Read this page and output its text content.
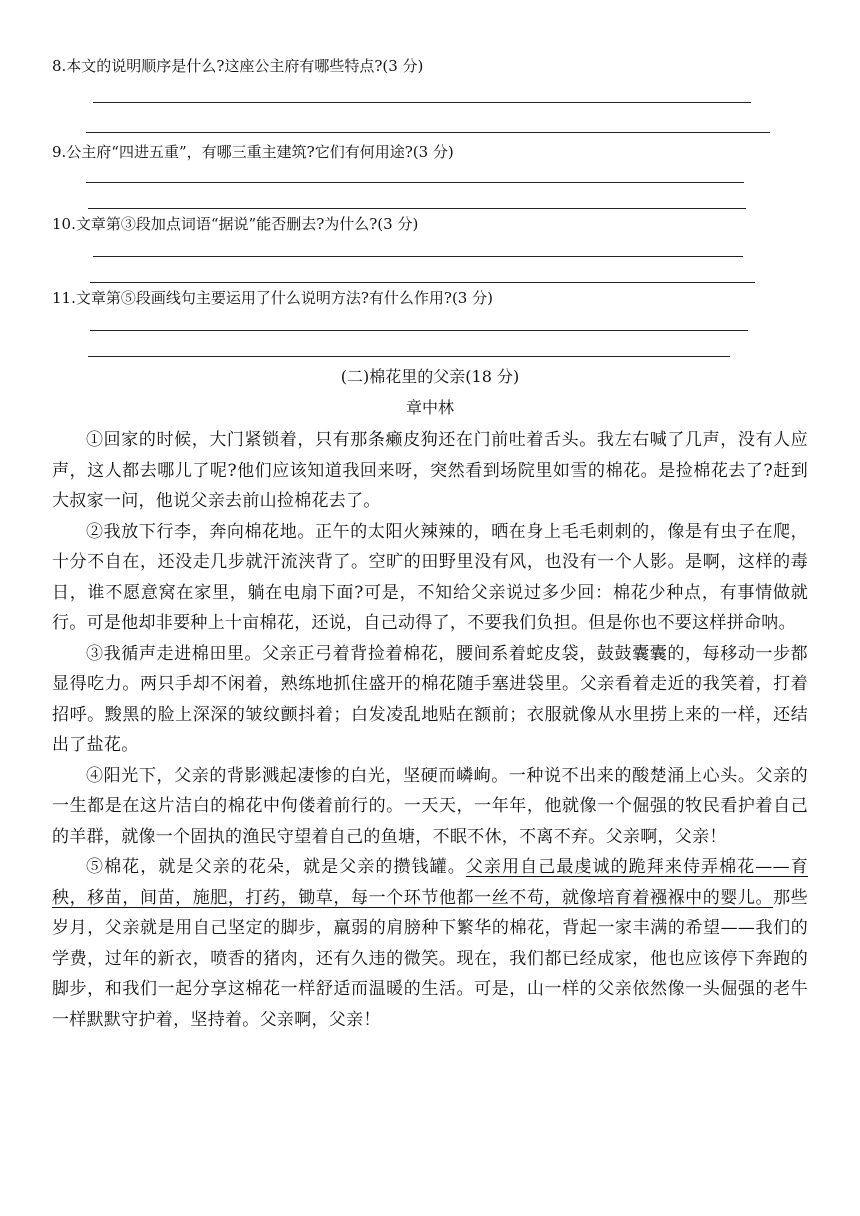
8.本文的说明顺序是什么?这座公主府有哪些特点?(3 分)
9.公主府“四进五重”，有哪三重主建筑?它们有何用途?(3 分)
10.文章第③段加点词语“据说”能否删去?为什么?(3 分)
11.文章第⑤段画线句主要运用了什么说明方法?有什么作用?(3 分)
(二)棉花里的父亲(18 分)
章中林

①回家的时候，大门紧锁着，只有那条癞皮狗还在门前吐着舌头。我左右喊了几声，没有人应声，这人都去哪儿了呢?他们应该知道我回来呀，突然看到场院里如雪的棉花。是捡棉花去了?赶到大叔家一问，他说父亲去前山捡棉花去了。

②我放下行李，奔向棉花地。正午的太阳火辣辣的，晒在身上毛毛刺刺的，像是有虫子在爬，十分不自在，还没走几步就汗流浃背了。空旷的田野里没有风，也没有一个人影。是啊，这样的毒日，谁不愿意窝在家里，躺在电扇下面?可是，不知给父亲说过多少回：棉花少种点，有事情做就行。可是他却非要种上十亩棉花，还说，自己动得了，不要我们负担。但是你也不要这样拼命呐。

③我循声走进棉田里。父亲正弓着背捡着棉花，腰间系着蛇皮袋，鼓鼓囊囊的，每移动一步都显得吃力。两只手却不闲着，熟练地抓住盛开的棉花随手塞进袋里。父亲看着走近的我笑着，打着招呼。黢黑的脸上深深的皱纹颤抖着；白发凌乱地贴在额前；衣服就像从水里捞上来的一样，还结出了盐花。

④阳光下，父亲的背影溅起凄惨的白光，坚硬而嶙峋。一种说不出来的酸楚涌上心头。父亲的一生都是在这片洁白的棉花中佝偻着前行的。一天天，一年年，他就像一个倔强的牧民看护着自己的羊群，就像一个固执的渔民守望着自己的鱼塘，不眠不休，不离不弃。父亲啊，父亲！

⑤棉花，就是父亲的花朵，就是父亲的攒钱罐。父亲用自己最虔诚的跪拜来侍弄棉花——育秧，移苗，间苗，施肥，打药，锄草，每一个环节他都一丝不苟，就像培育着襁褓中的婴儿。那些岁月，父亲就是用自己坚定的脚步，羸弱的肩膀种下繁华的棉花，背起一家丰满的希望——我们的学费，过年的新衣，喷香的猪肉，还有久违的微笑。现在，我们都已经成家，他也应该停下奔跑的脚步，和我们一起分享这棉花一样舒适而温暖的生活。可是，山一样的父亲依然像一头倔强的老牛一样默默守护着，坚持着。父亲啊，父亲！
